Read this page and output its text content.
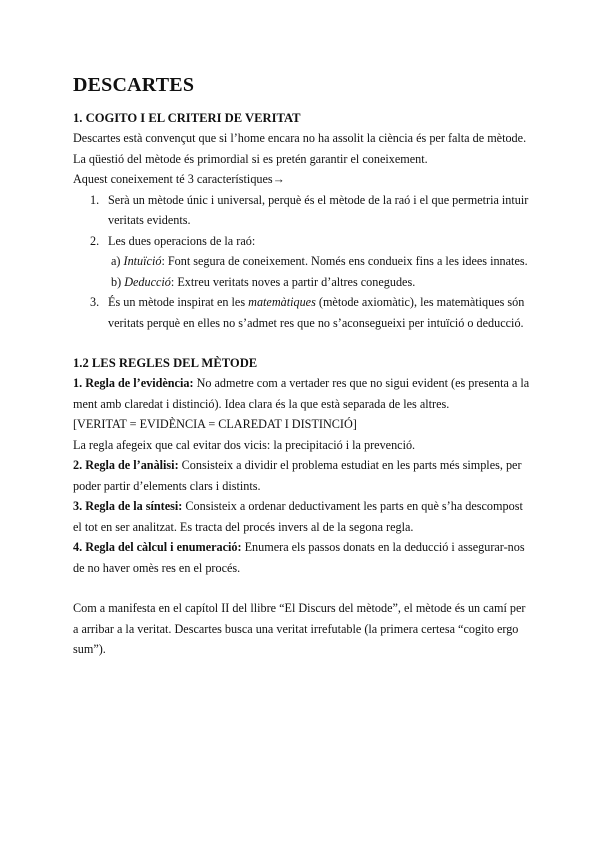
DESCARTES
1. COGITO I EL CRITERI DE VERITAT

Descartes està convençut que si l’home encara no ha assolit la ciència és per falta de mètode.

La qüestió del mètode és primordial si es pretén garantir el coneixement.

Aquest coneixement té 3 característiques→

1. Serà un mètode únic i universal, perquè és el mètode de la raó i el que permetria intuir veritats evidents.
2. Les dues operacions de la raó:
a) Intuïció: Font segura de coneixement. Només ens condueix fins a les idees innates.
b) Deducció: Extreu veritats noves a partir d’altres conegudes.
3. És un mètode inspirat en les matemàtiques (mètode axiomàtic), les matemàtiques són veritats perquè en elles no s’admet res que no s’aconsegueixi per intuïció o deducció.
1.2 LES REGLES DEL MÈTODE

1. Regla de l’evidència: No admetre com a vertader res que no sigui evident (es presenta a la ment amb claredat i distinció). Idea clara és la que està separada de les altres.

[VERITAT = EVIDÈNCIA = CLAREDAT I DISTINCIÓ]

La regla afegeix que cal evitar dos vicis: la precipitació i la prevenció.

2. Regla de l’anàlisi: Consisteix a dividir el problema estudiat en les parts més simples, per poder partir d’elements clars i distints.

3. Regla de la síntesi: Consisteix a ordenar deductivament les parts en què s’ha descompost el tot en ser analitzat. Es tracta del procés invers al de la segona regla.

4. Regla del càlcul i enumeració: Enumera els passos donats en la deducció i assegurar-nos de no haver omès res en el procés.

Com a manifesta en el capítol II del llibre “El Discurs del mètode”, el mètode és un camí per a arribar a la veritat. Descartes busca una veritat irrefutable (la primera certesa “cogito ergo sum”).
